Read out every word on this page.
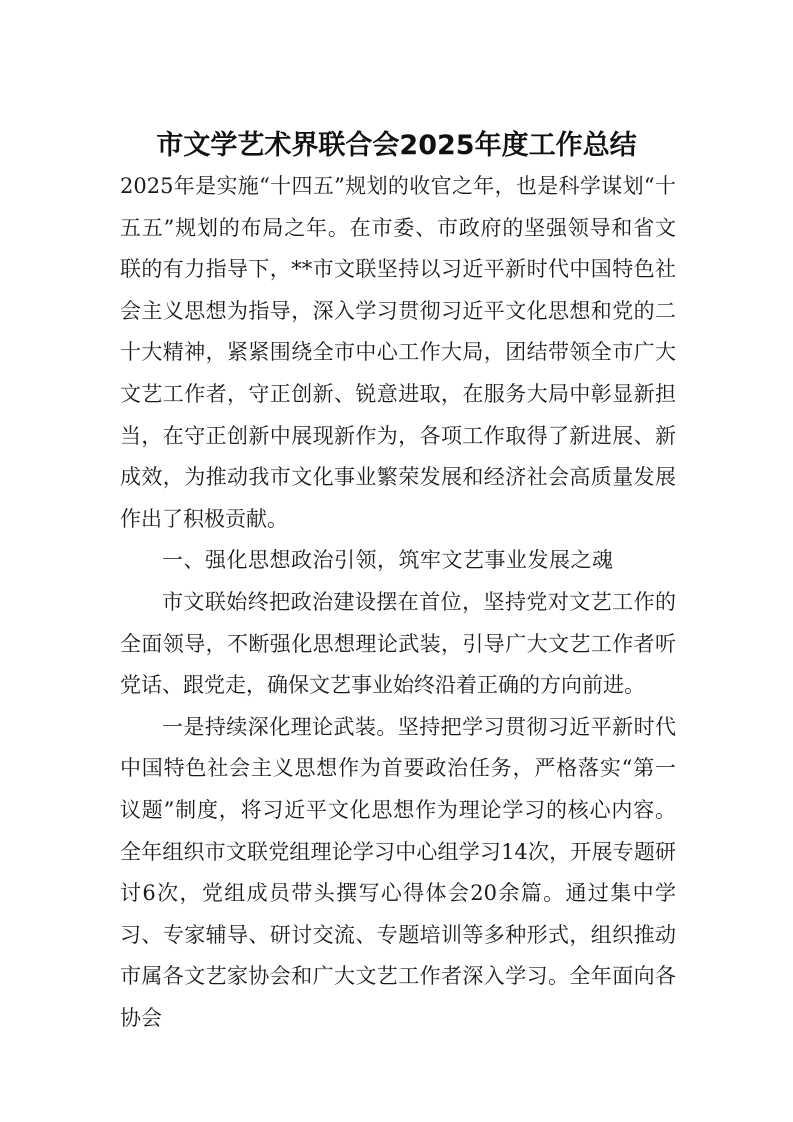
市文学艺术界联合会2025年度工作总结

2025年是实施“十四五”规划的收官之年，也是科学谋划“十五五”规划的布局之年。在市委、市政府的坚强领导和省文联的有力指导下，**市文联坚持以习近平新时代中国特色社会主义思想为指导，深入学习贯彻习近平文化思想和党的二十大精神，紧紧围绕全市中心工作大局，团结带领全市广大文艺工作者，守正创新、锐意进取，在服务大局中彰显新担当，在守正创新中展现新作为，各项工作取得了新进展、新成效，为推动我市文化事业繁荣发展和经济社会高质量发展作出了积极贡献。

一、强化思想政治引领，筑牢文艺事业发展之魂

市文联始终把政治建设摆在首位，坚持党对文艺工作的全面领导，不断强化思想理论武装，引导广大文艺工作者听党话、跟党走，确保文艺事业始终沿着正确的方向前进。

一是持续深化理论武装。坚持把学习贯彻习近平新时代中国特色社会主义思想作为首要政治任务，严格落实“第一议题”制度，将习近平文化思想作为理论学习的核心内容。全年组织市文联党组理论学习中心组学习14次，开展专题研讨6次，党组成员带头撰写心得体会20余篇。通过集中学习、专家辅导、研讨交流、专题培训等多种形式，组织推动市属各文艺家协会和广大文艺工作者深入学习。全年面向各协会
